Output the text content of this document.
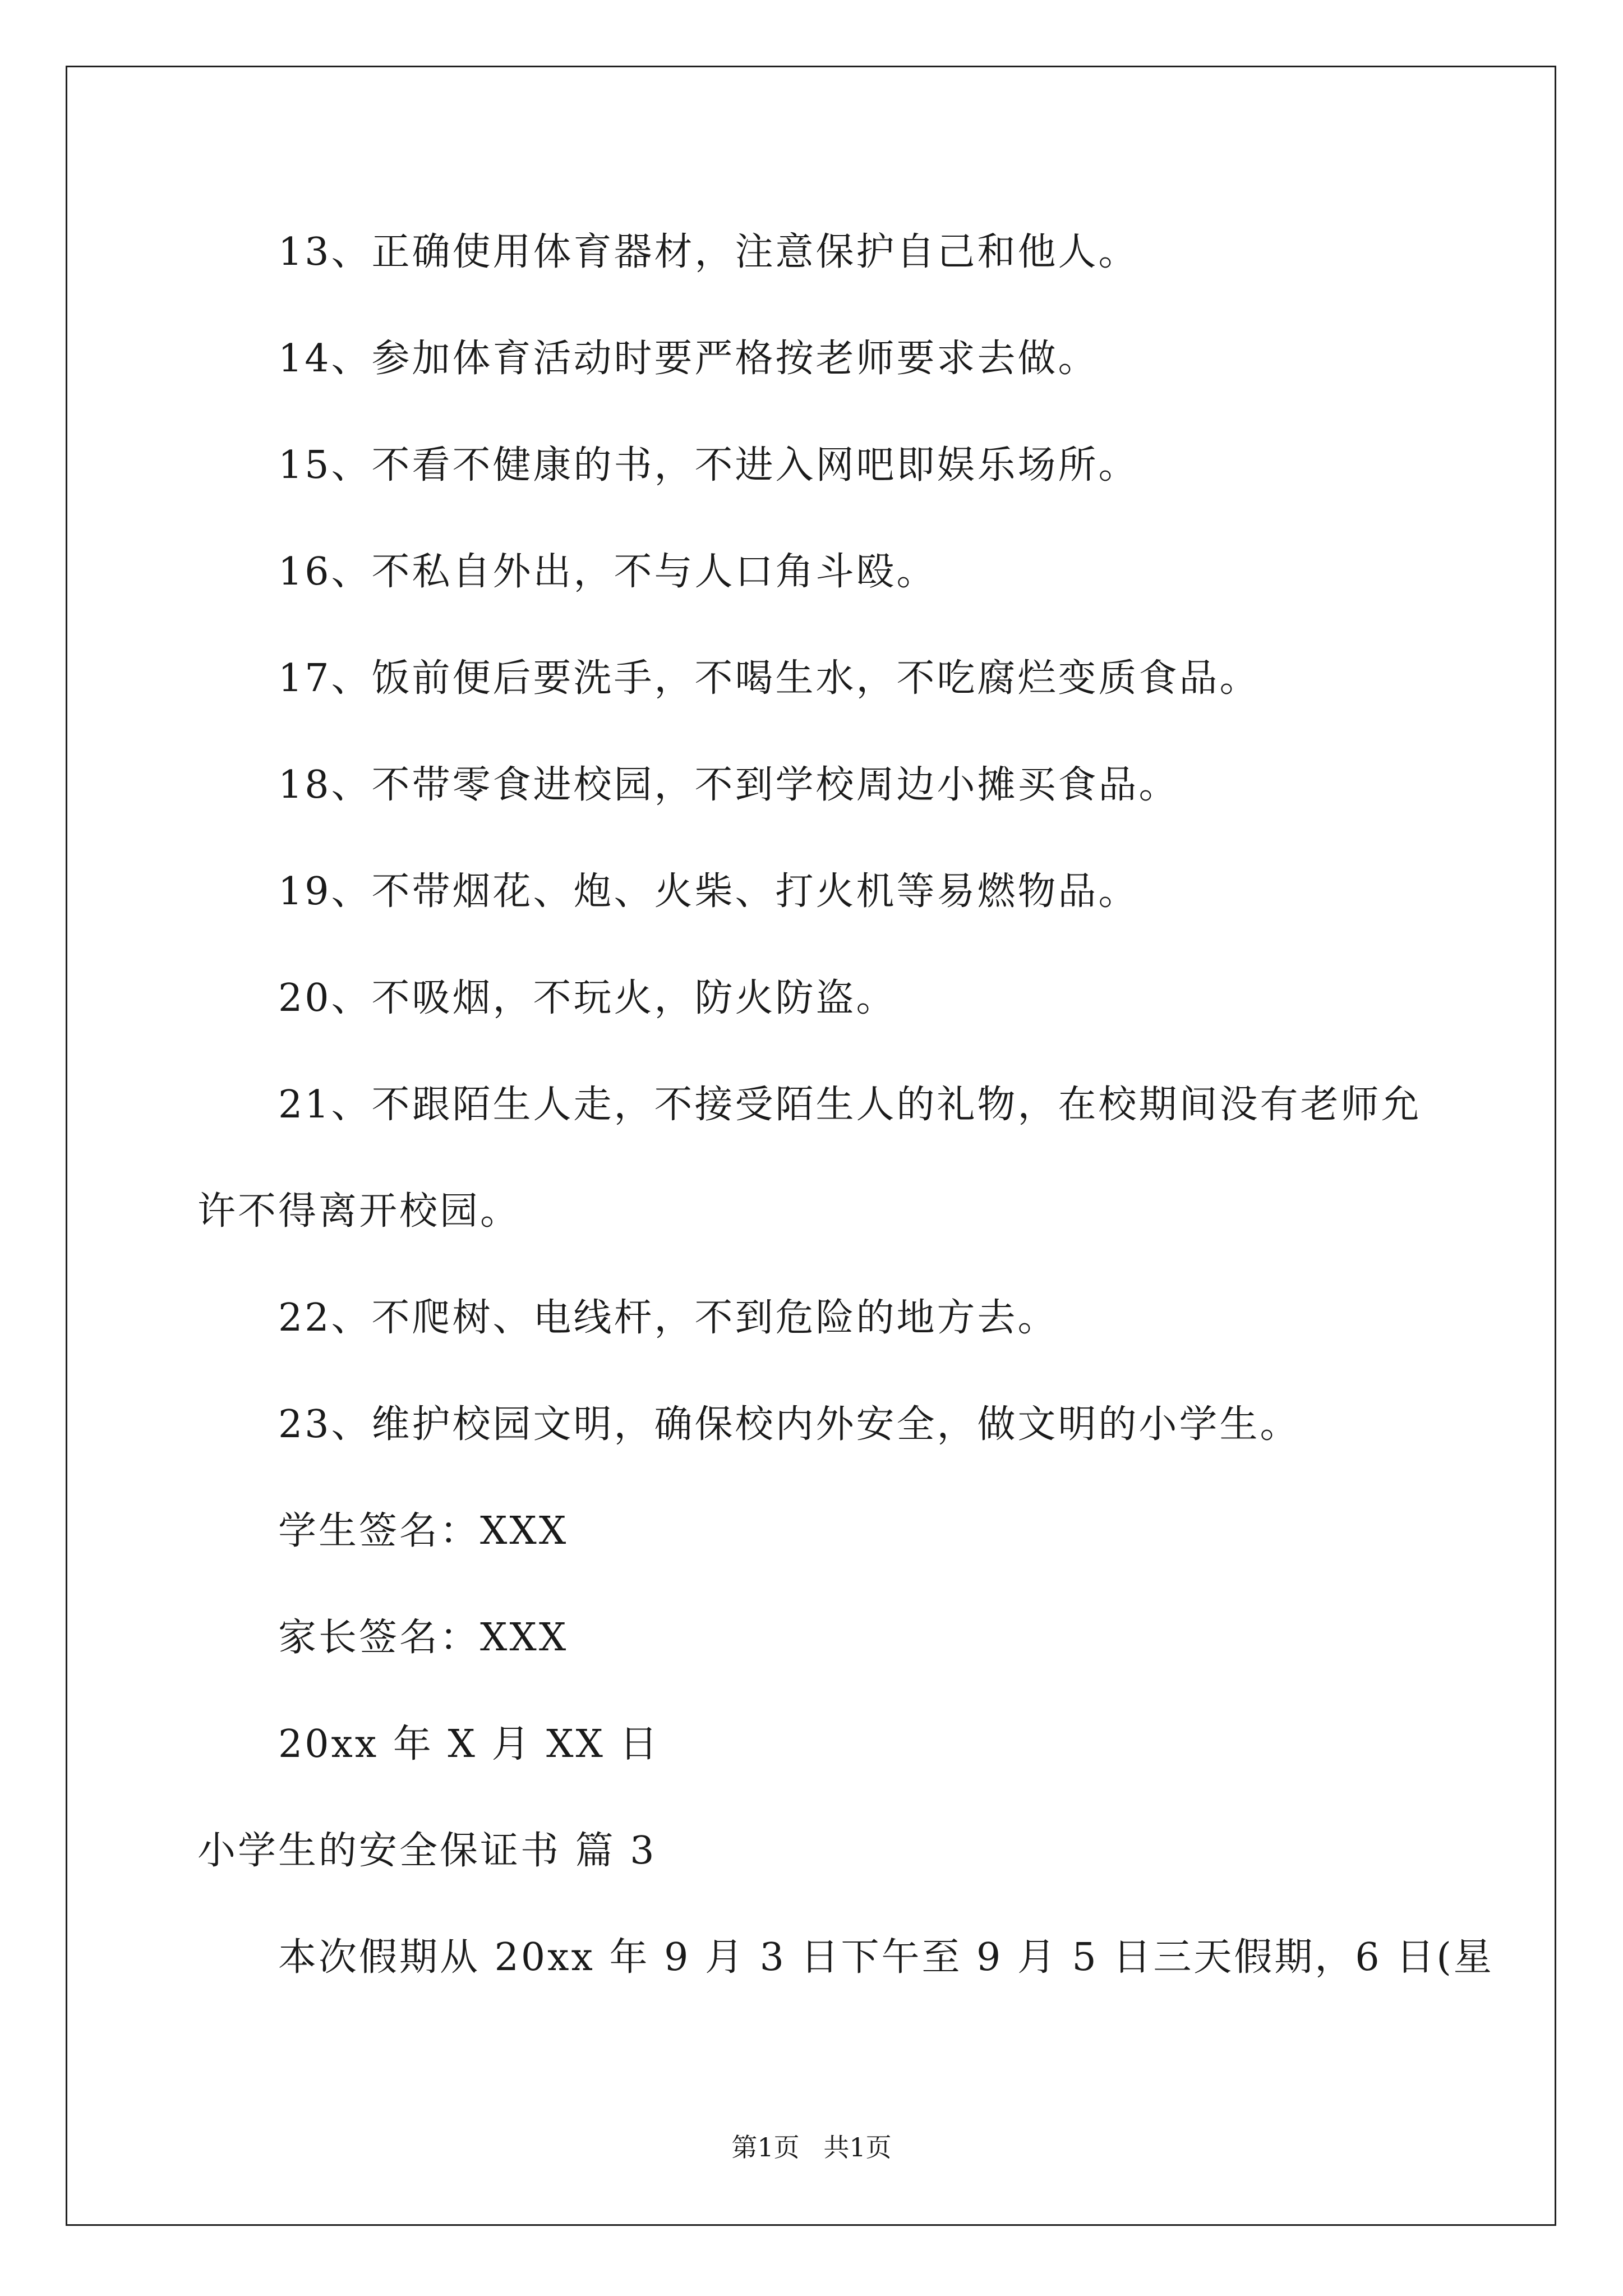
13、正确使用体育器材，注意保护自己和他人。
14、参加体育活动时要严格按老师要求去做。
15、不看不健康的书，不进入网吧即娱乐场所。
16、不私自外出，不与人口角斗殴。
17、饭前便后要洗手，不喝生水，不吃腐烂变质食品。
18、不带零食进校园，不到学校周边小摊买食品。
19、不带烟花、炮、火柴、打火机等易燃物品。
20、不吸烟，不玩火，防火防盗。
21、不跟陌生人走，不接受陌生人的礼物，在校期间没有老师允
许不得离开校园。
22、不爬树、电线杆，不到危险的地方去。
23、维护校园文明，确保校内外安全，做文明的小学生。
学生签名：XXX
家长签名：XXX
20xx 年 X 月 XX 日
小学生的安全保证书 篇 3
本次假期从 20xx 年 9 月 3 日下午至 9 月 5 日三天假期，6 日(星
第1页 共1页
